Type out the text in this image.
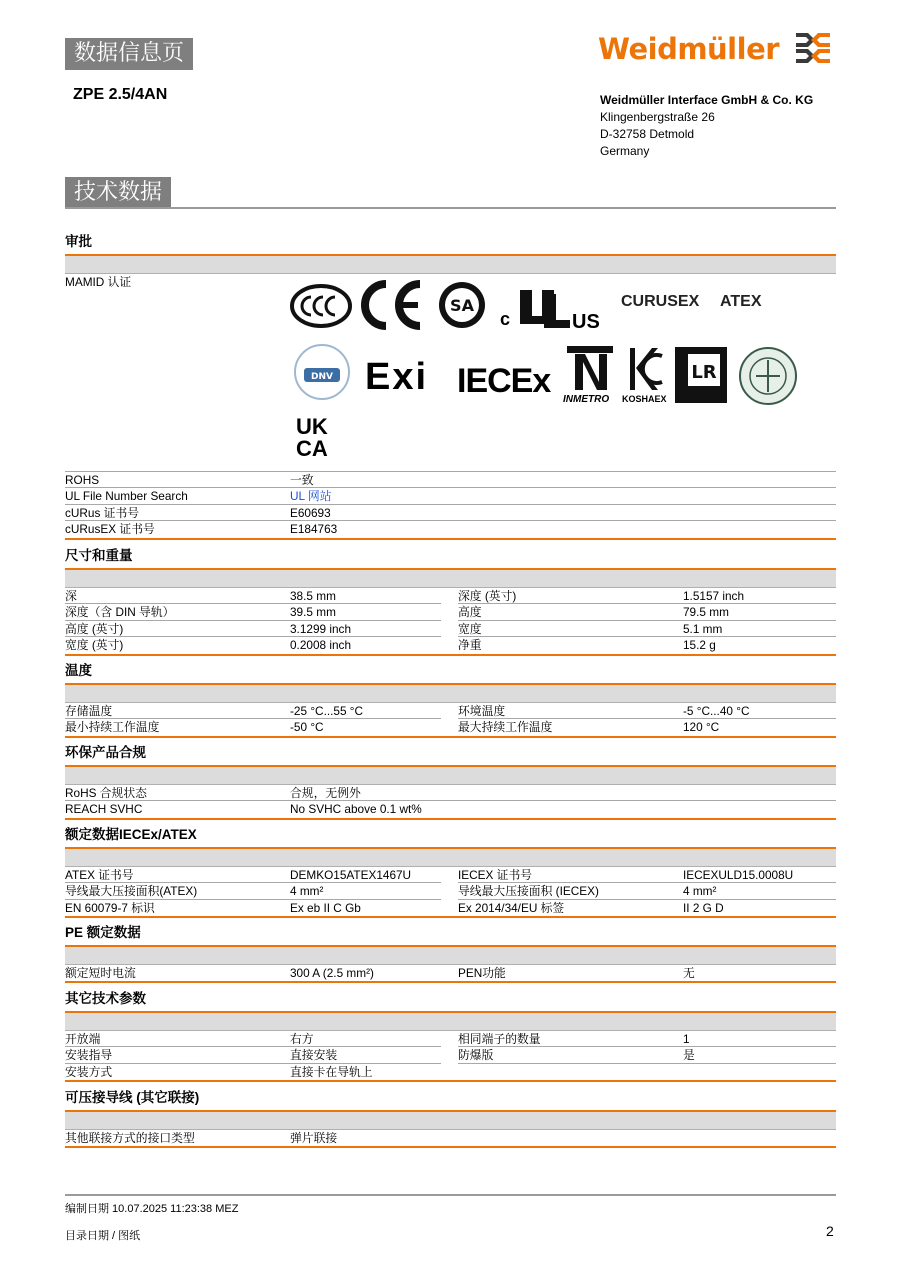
数据信息页
ZPE 2.5/4AN
Weidmüller
Weidmüller Interface GmbH & Co. KG
Klingenbergstraße 26
D-32758 Detmold
Germany
技术数据
审批
MAMID 认证
SA
c	US
CURUSEX ATEX
DNV Exi IECEx INMETRO KOSHAEX
LR
UK
CA
ROHS	一致
UL File Number Search	UL 网站
cURus 证书号	E60693
cURusEX 证书号	E184763
尺寸和重量
深	38.5 mm	深度 (英寸)	1.5157 inch
深度（含 DIN 导轨）	39.5 mm	高度	79.5 mm
高度 (英寸)	3.1299 inch	宽度	5.1 mm
宽度 (英寸)	0.2008 inch	净重	15.2 g
温度
存储温度	-25 °C...55 °C	环境温度	-5 °C...40 °C
最小持续工作温度	-50 °C	最大持续工作温度	120 °C
环保产品合规
RoHS 合规状态	合规，无例外
REACH SVHC	No SVHC above 0.1 wt%
额定数据IECEx/ATEX
ATEX 证书号	DEMKO15ATEX1467U	IECEX 证书号	IECEXULD15.0008U
导线最大压接面积(ATEX)	4 mm²	导线最大压接面积 (IECEX)	4 mm²
EN 60079-7 标识	Ex eb II C Gb	Ex 2014/34/EU 标签	II 2 G D
PE 额定数据
额定短时电流	300 A (2.5 mm²)	PEN功能	无
其它技术参数
开放端	右方	相同端子的数量	1
安装指导	直接安装	防爆版	是
安装方式	直接卡在导轨上
可压接导线 (其它联接)
其他联接方式的接口类型	弹片联接
编制日期 10.07.2025 11:23:38 MEZ
目录日期 / 图纸	2
